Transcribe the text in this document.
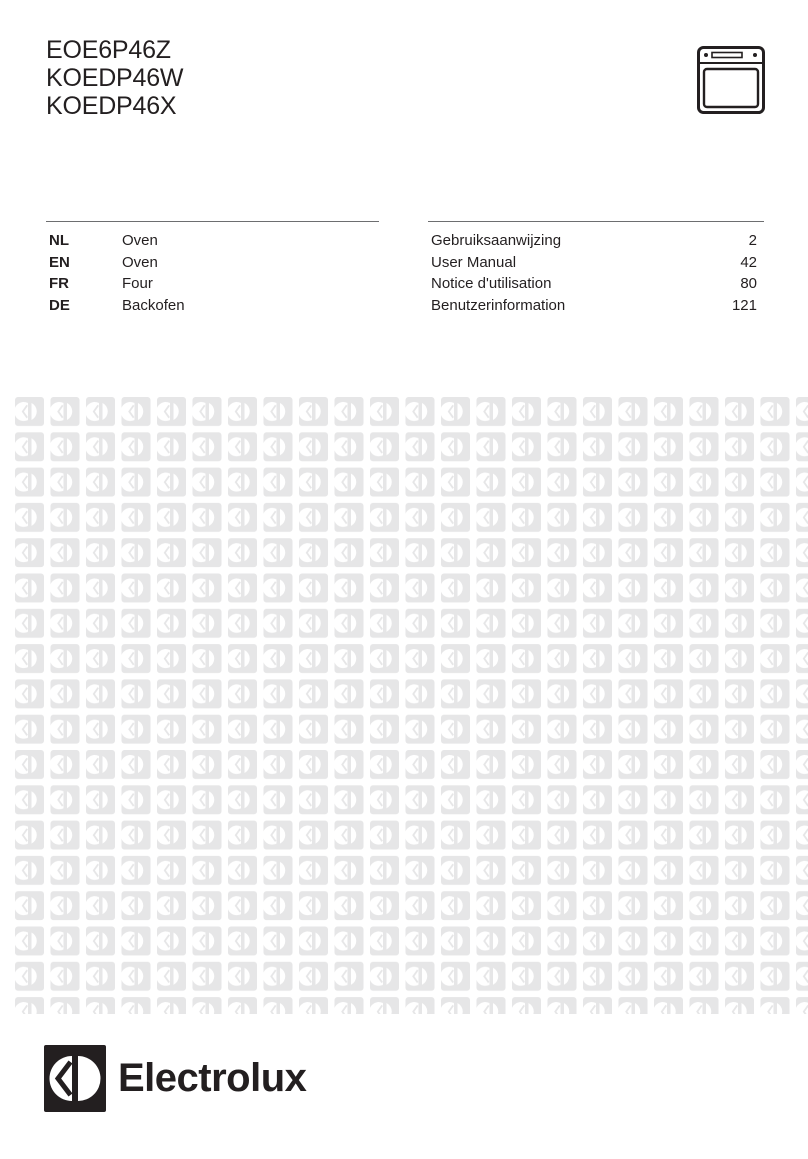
EOE6P46Z
KOEDP46W
KOEDP46X
NL	Oven	Gebruiksaanwijzing	2
EN	Oven	User Manual	42
FR	Four	Notice d'utilisation	80
DE	Backofen	Benutzerinformation	121
Electrolux
